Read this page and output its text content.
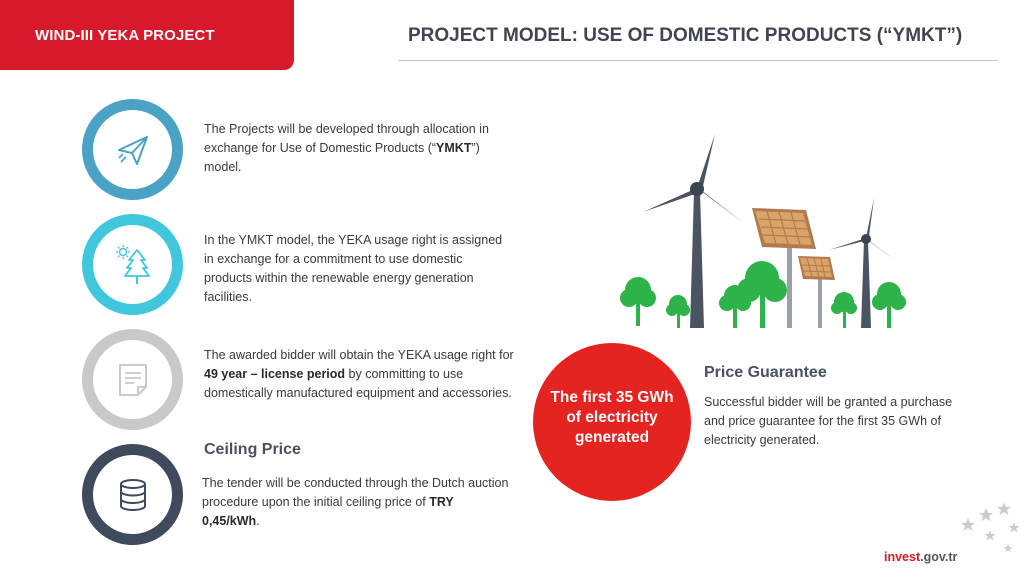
WIND-III YEKA PROJECT	PROJECT MODEL: USE OF DOMESTIC PRODUCTS (“YMKT”)
The Projects will be developed through allocation in exchange for Use of Domestic Products (“YMKT”) model.
In the YMKT model, the YEKA usage right is assigned in exchange for a commitment to use domestic products within the renewable energy generation facilities.
The awarded bidder will obtain the YEKA usage right for 49 year – license period by committing to use domestically manufactured equipment and accessories.
Ceiling Price
The tender will be conducted through the Dutch auction procedure upon the initial ceiling price of TRY 0,45/kWh.
The first 35 GWh
of electricity
generated
Price Guarantee
Successful bidder will be granted a purchase and price guarantee for the first 35 GWh of electricity generated.
invest.gov.tr
